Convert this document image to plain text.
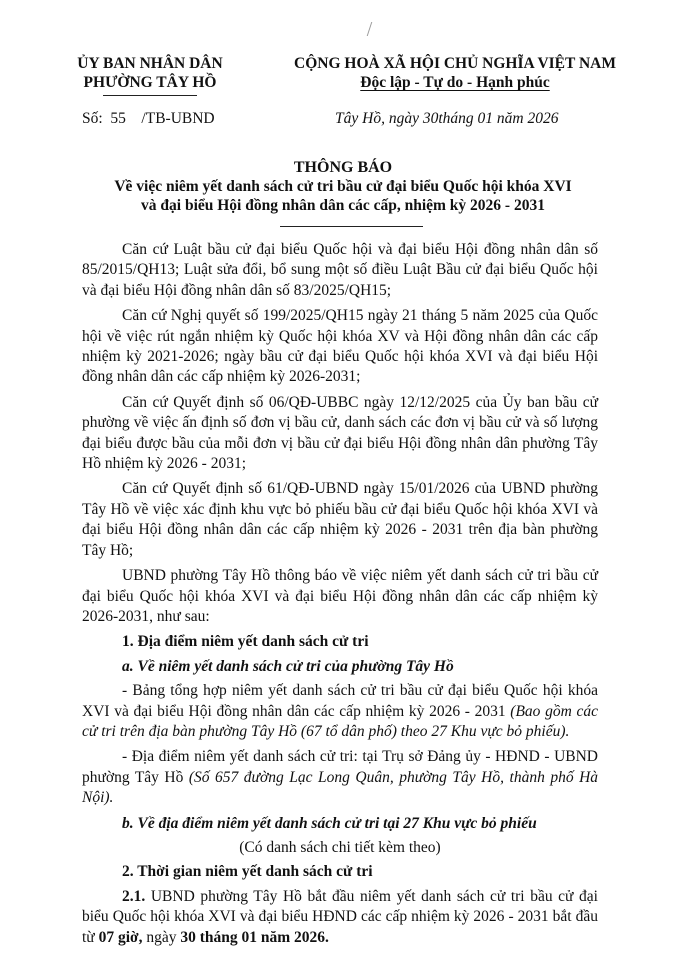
ỦY BAN NHÂN DÂN
PHƯỜNG TÂY HỒ
CỘNG HOÀ XÃ HỘI CHỦ NGHĨA VIỆT NAM
Độc lập - Tự do - Hạnh phúc
Số:  55    /TB-UBND	Tây Hồ, ngày 30tháng 01 năm 2026
THÔNG BÁO
Về việc niêm yết danh sách cử tri bầu cử đại biểu Quốc hội khóa XVI
và đại biểu Hội đồng nhân dân các cấp, nhiệm kỳ 2026 - 2031

Căn cứ Luật bầu cử đại biểu Quốc hội và đại biểu Hội đồng nhân dân số 85/2015/QH13; Luật sửa đổi, bổ sung một số điều Luật Bầu cử đại biểu Quốc hội và đại biểu Hội đồng nhân dân số 83/2025/QH15;

Căn cứ Nghị quyết số 199/2025/QH15 ngày 21 tháng 5 năm 2025 của Quốc hội về việc rút ngắn nhiệm kỳ Quốc hội khóa XV và Hội đồng nhân dân các cấp nhiệm kỳ 2021-2026; ngày bầu cử đại biểu Quốc hội khóa XVI và đại biểu Hội đồng nhân dân các cấp nhiệm kỳ 2026-2031;

Căn cứ Quyết định số 06/QĐ-UBBC ngày 12/12/2025 của Ủy ban bầu cử phường về việc ấn định số đơn vị bầu cử, danh sách các đơn vị bầu cử và số lượng đại biểu được bầu của mỗi đơn vị bầu cử đại biểu Hội đồng nhân dân phường Tây Hồ nhiệm kỳ 2026 - 2031;

Căn cứ Quyết định số 61/QĐ-UBND ngày 15/01/2026 của UBND phường Tây Hồ về việc xác định khu vực bỏ phiếu bầu cử đại biểu Quốc hội khóa XVI và đại biểu Hội đồng nhân dân các cấp nhiệm kỳ 2026 - 2031 trên địa bàn phường Tây Hồ;

UBND phường Tây Hồ thông báo về việc niêm yết danh sách cử tri bầu cử đại biểu Quốc hội khóa XVI và đại biểu Hội đồng nhân dân các cấp nhiệm kỳ 2026-2031, như sau:

1. Địa điểm niêm yết danh sách cử tri
a. Về niêm yết danh sách cử tri của phường Tây Hồ

- Bảng tổng hợp niêm yết danh sách cử tri bầu cử đại biểu Quốc hội khóa XVI và đại biểu Hội đồng nhân dân các cấp nhiệm kỳ 2026 - 2031 (Bao gồm các cử tri trên địa bàn phường Tây Hồ (67 tổ dân phố) theo 27 Khu vực bỏ phiếu).

- Địa điểm niêm yết danh sách cử tri: tại Trụ sở Đảng ủy - HĐND - UBND phường Tây Hồ (Số 657 đường Lạc Long Quân, phường Tây Hồ, thành phố Hà Nội).

b. Về địa điểm niêm yết danh sách cử tri tại 27 Khu vực bỏ phiếu
(Có danh sách chi tiết kèm theo)
2. Thời gian niêm yết danh sách cử tri

2.1. UBND phường Tây Hồ bắt đầu niêm yết danh sách cử tri bầu cử đại biểu Quốc hội khóa XVI và đại biểu HĐND các cấp nhiệm kỳ 2026 - 2031 bắt đầu từ 07 giờ, ngày 30 tháng 01 năm 2026.
